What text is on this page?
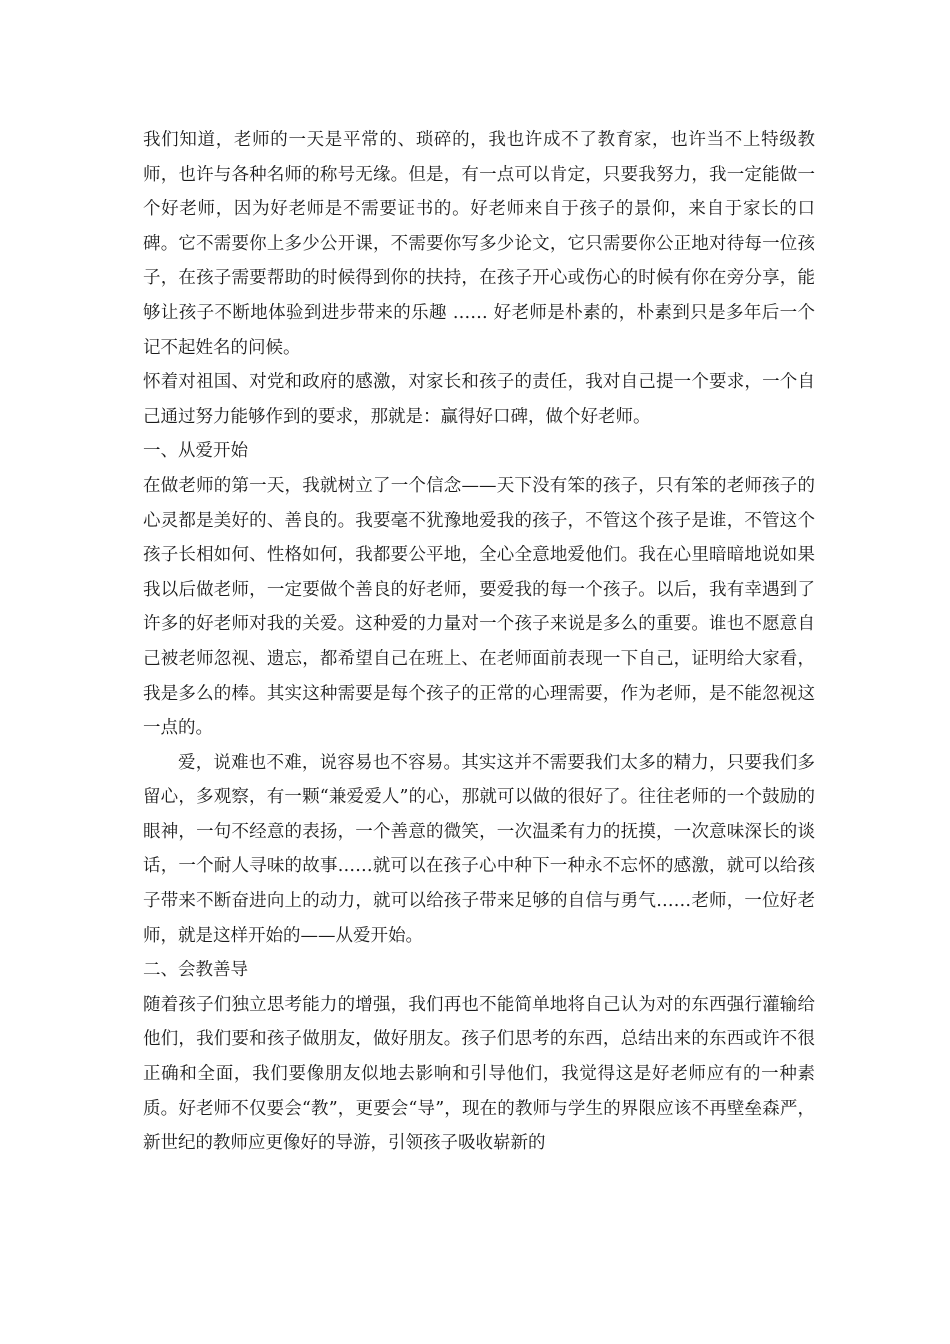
我们知道，老师的一天是平常的、琐碎的，我也许成不了教育家，也许当不上特级教师，也许与各种名师的称号无缘。但是，有一点可以肯定，只要我努力，我一定能做一个好老师，因为好老师是不需要证书的。好老师来自于孩子的景仰，来自于家长的口碑。它不需要你上多少公开课，不需要你写多少论文，它只需要你公正地对待每一位孩子，在孩子需要帮助的时候得到你的扶持，在孩子开心或伤心的时候有你在旁分享，能够让孩子不断地体验到进步带来的乐趣 …… 好老师是朴素的，朴素到只是多年后一个记不起姓名的问候。

怀着对祖国、对党和政府的感激，对家长和孩子的责任，我对自己提一个要求，一个自己通过努力能够作到的要求，那就是：赢得好口碑，做个好老师。

一、从爱开始

在做老师的第一天，我就树立了一个信念——天下没有笨的孩子，只有笨的老师孩子的心灵都是美好的、善良的。我要毫不犹豫地爱我的孩子，不管这个孩子是谁，不管这个孩子长相如何、性格如何，我都要公平地，全心全意地爱他们。我在心里暗暗地说如果我以后做老师，一定要做个善良的好老师，要爱我的每一个孩子。以后，我有幸遇到了许多的好老师对我的关爱。这种爱的力量对一个孩子来说是多么的重要。谁也不愿意自己被老师忽视、遗忘，都希望自己在班上、在老师面前表现一下自己，证明给大家看，我是多么的棒。其实这种需要是每个孩子的正常的心理需要，作为老师，是不能忽视这一点的。

爱，说难也不难，说容易也不容易。其实这并不需要我们太多的精力，只要我们多留心，多观察，有一颗“兼爱爱人”的心，那就可以做的很好了。往往老师的一个鼓励的眼神，一句不经意的表扬，一个善意的微笑，一次温柔有力的抚摸，一次意味深长的谈话，一个耐人寻味的故事……就可以在孩子心中种下一种永不忘怀的感激，就可以给孩子带来不断奋进向上的动力，就可以给孩子带来足够的自信与勇气……老师，一位好老师，就是这样开始的——从爱开始。

二、会教善导

随着孩子们独立思考能力的增强，我们再也不能简单地将自己认为对的东西强行灌输给他们，我们要和孩子做朋友，做好朋友。孩子们思考的东西，总结出来的东西或许不很正确和全面，我们要像朋友似地去影响和引导他们，我觉得这是好老师应有的一种素质。好老师不仅要会“教”，更要会“导”，现在的教师与学生的界限应该不再壁垒森严，新世纪的教师应更像好的导游，引领孩子吸收崭新的
